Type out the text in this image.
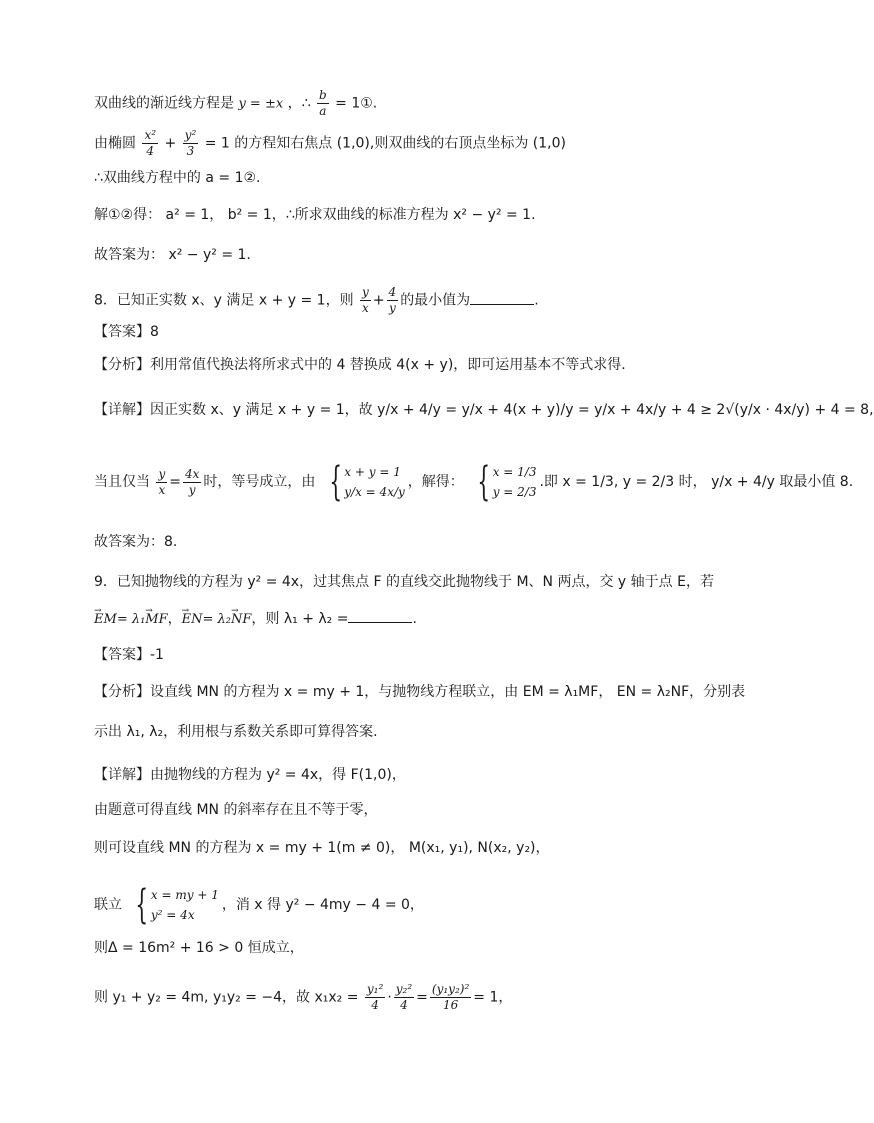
双曲线的渐近线方程是 y = ±x ，∴ $\frac{b}{a}$ = 1①.
由椭圆 $\frac{\text{x²}}{4} + \frac{\text{y²}}{3} = 1$ 的方程知右焦点 (1,0),则双曲线的右顶点坐标为 (1,0)
∴双曲线方程中的 a = 1②.
解①②得： a² = 1， b² = 1，∴所求双曲线的标准方程为 x² − y² = 1.
故答案为： x² − y² = 1.
8．已知正实数 x、y 满足 x + y = 1，则 $\frac{y}{x} + \frac{4}{y}$ 的最小值为	.
【答案】8
【分析】利用常值代换法将所求式中的 4 替换成 4(x + y)，即可运用基本不等式求得.
【详解】因正实数 x、y 满足 x + y = 1，故 y/x + 4/y = y/x + 4(x + y)/y = y/x + 4x/y + 4 ≥ 2√(y/x · 4x/y) + 4 = 8,
当且仅当 $\frac{y}{x} = \frac{4x}{y}$ 时，等号成立，由 { x + y = 1
y/x = 4x/y
，解得： { x = 1/3
y = 2/3
.即 x = 1/3, y = 2/3 时， y/x + 4/y 取最小值 8.
故答案为：8.
9．已知抛物线的方程为 y² = 4x，过其焦点 F 的直线交此抛物线于 M、N 两点，交 y 轴于点 E，若
→ EM= λ₁→ MF，→ EN= λ₂→ NF，则 λ₁ + λ₂ =	.
【答案】-1
【分析】设直线 MN 的方程为 x = my + 1，与抛物线方程联立，由 EM = λ₁MF， EN = λ₂NF，分别表
示出 λ₁, λ₂，利用根与系数关系即可算得答案.
【详解】由抛物线的方程为 y² = 4x，得 F(1,0)，
由题意可得直线 MN 的斜率存在且不等于零，
则可设直线 MN 的方程为 x = my + 1(m ≠ 0)， M(x₁, y₁), N(x₂, y₂)，
联立 { x = my + 1
y² = 4x
，消 x 得 y² − 4my − 4 = 0，
则Δ = 16m² + 16 > 0 恒成立，
则 y₁ + y₂ = 4m, y₁y₂ = −4，故 $x_1x_2 = \frac{\text{y₁²}}{4} \cdot \frac{\text{y₂²}}{4} = \frac{\text{(y₁y₂)²}}{16} = 1$，
